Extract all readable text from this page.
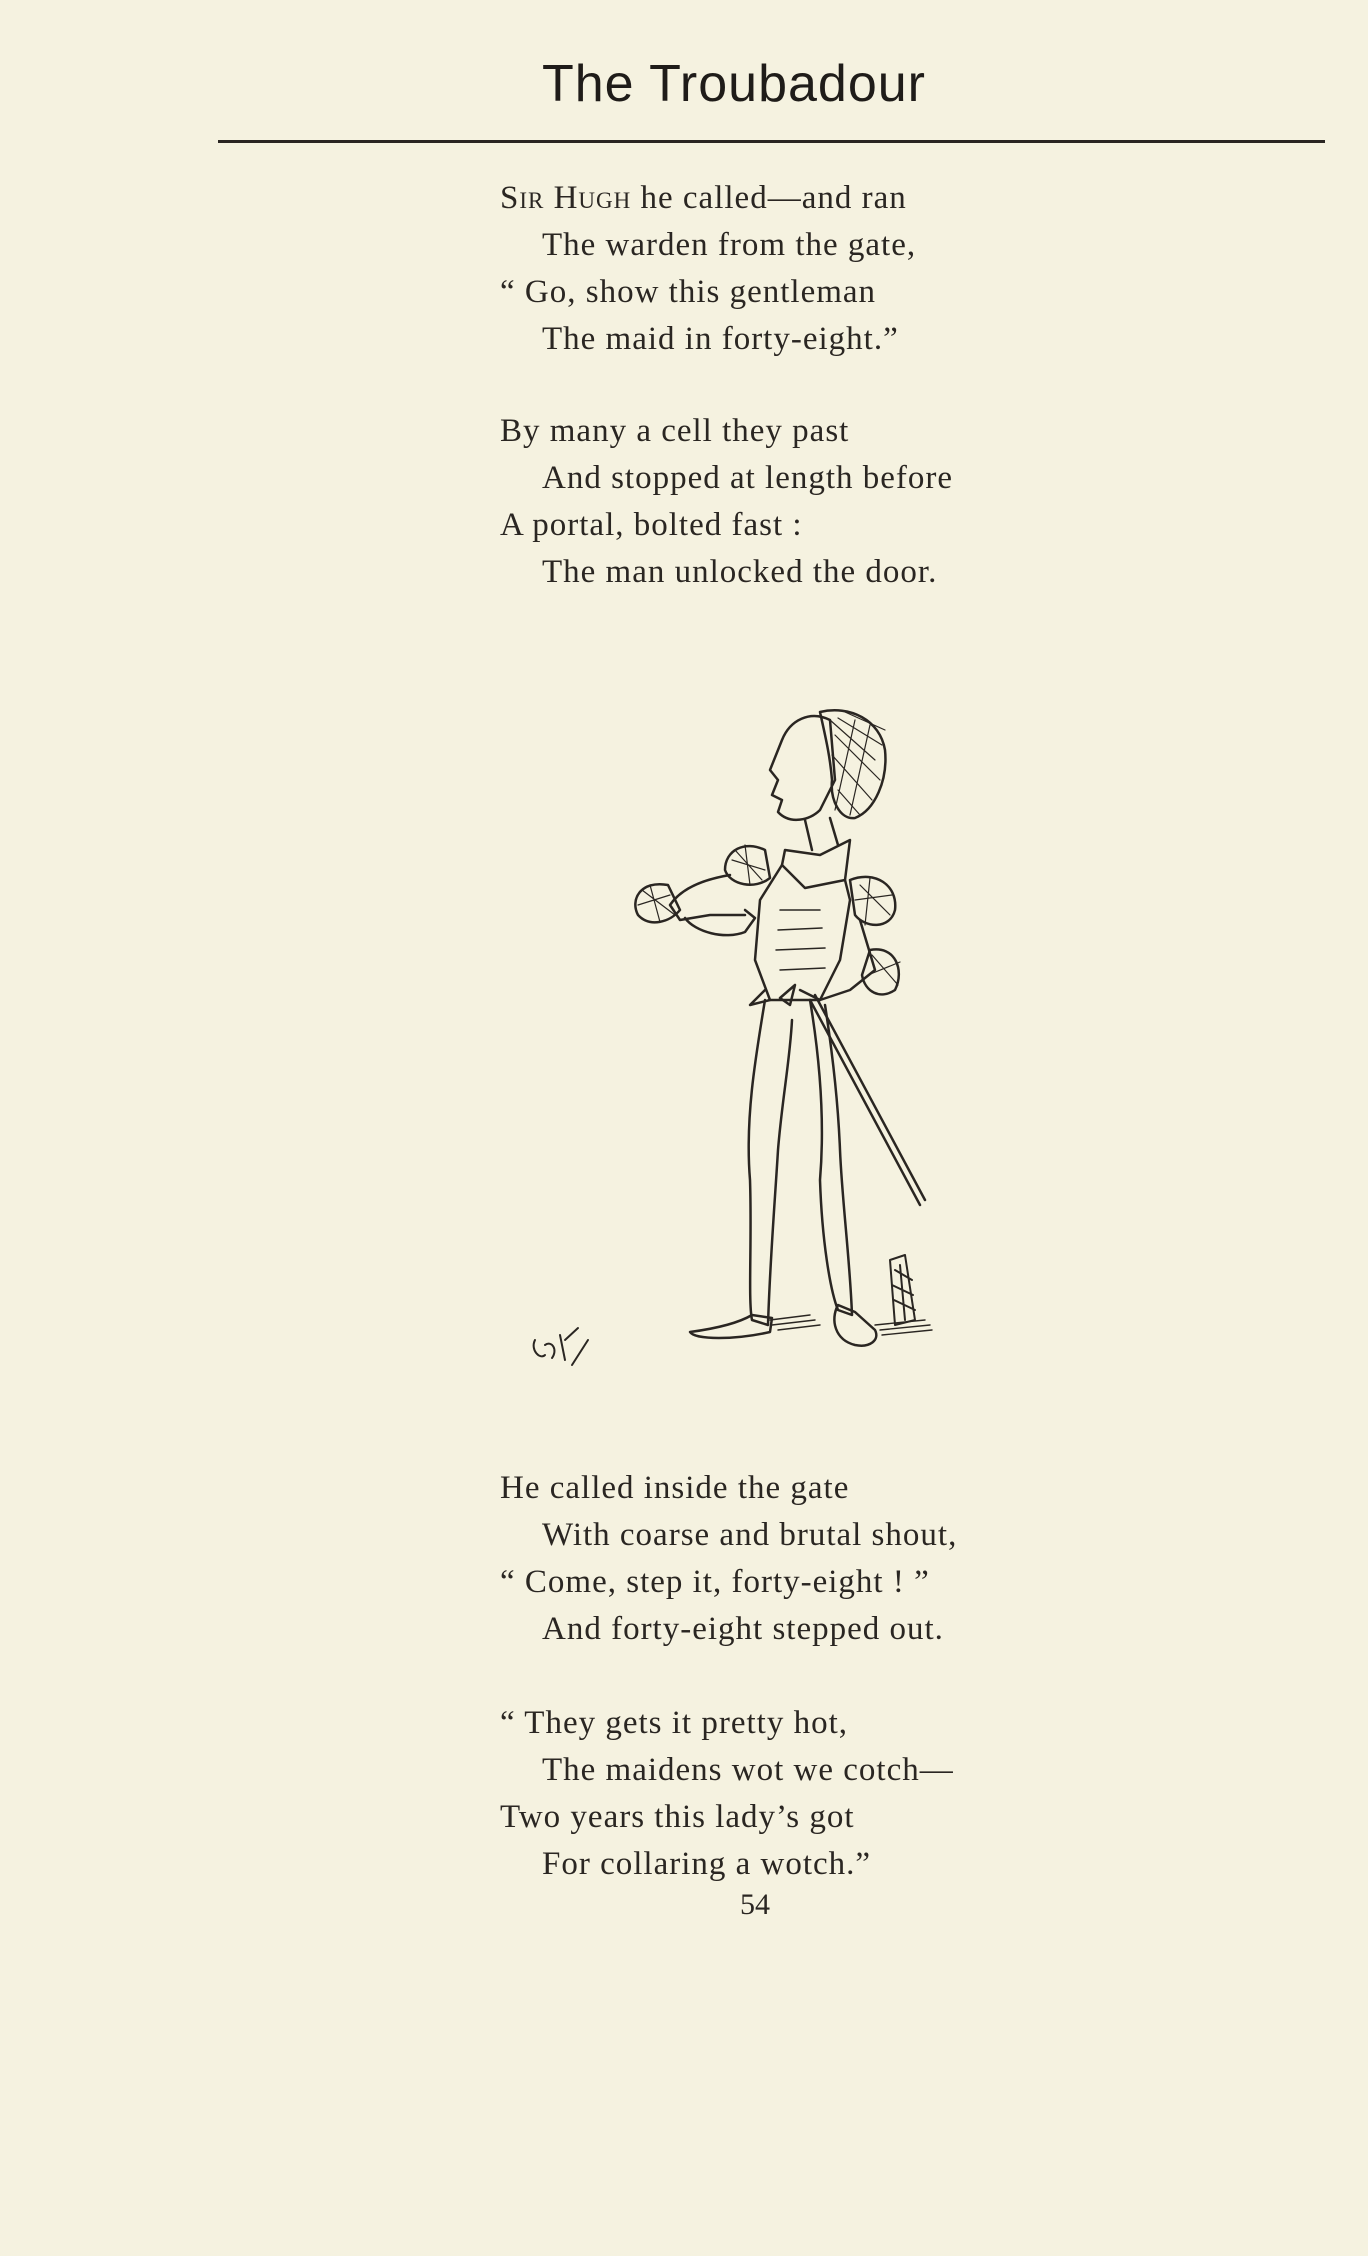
The Troubadour
Sir Hugh he called—and ran
The warden from the gate,
“ Go, show this gentleman
The maid in forty-eight.”
By many a cell they past
And stopped at length before
A portal, bolted fast :
The man unlocked the door.
He called inside the gate
With coarse and brutal shout,
“ Come, step it, forty-eight ! ”
And forty-eight stepped out.
“ They gets it pretty hot,
The maidens wot we cotch—
Two years this lady’s got
For collaring a wotch.”
54
